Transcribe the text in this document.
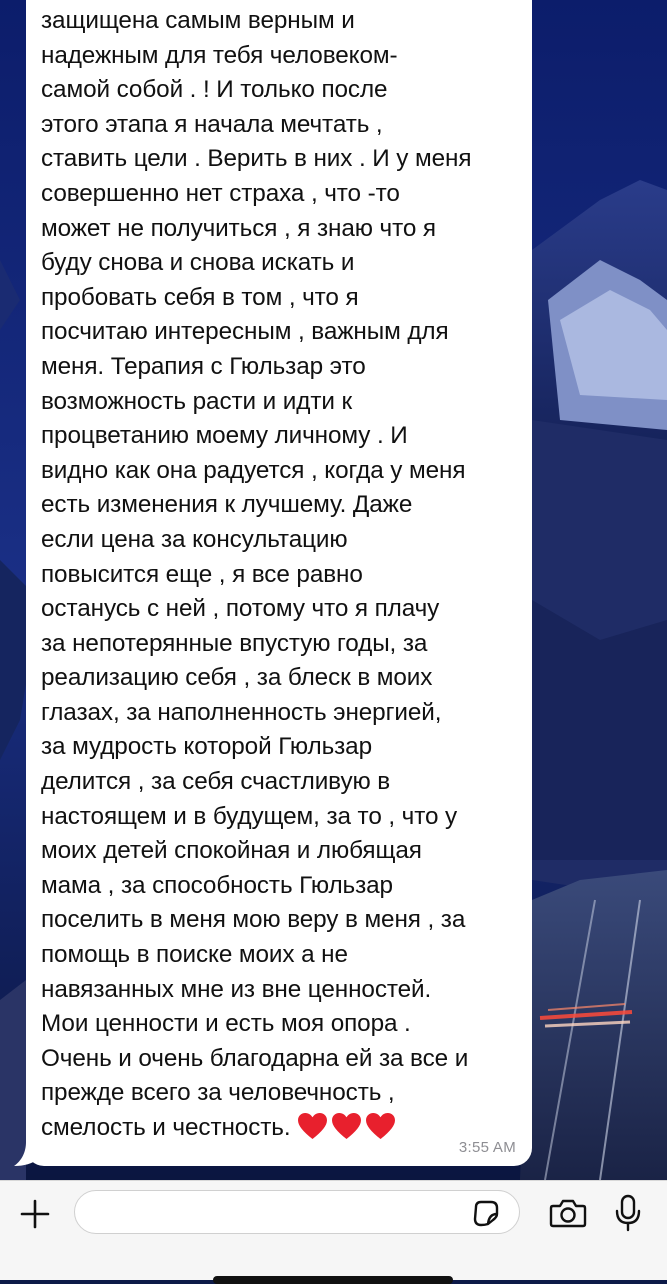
защищена самым верным и
надежным для тебя человеком-
самой собой . ! И только после
этого этапа я начала мечтать ,
ставить цели . Верить в них . И у меня
совершенно нет страха , что -то
может не получиться , я знаю что я
буду снова и снова искать и
пробовать себя в том , что я
посчитаю интересным , важным для
меня. Терапия с Гюльзар это
возможность расти и идти к
процветанию моему личному . И
видно как она радуется , когда у меня
есть изменения к лучшему. Даже
если цена за консультацию
повысится еще , я все равно
останусь с ней , потому что я плачу
за непотерянные впустую годы, за
реализацию себя , за блеск в моих
глазах, за наполненность энергией,
за мудрость которой Гюльзар
делится , за себя счастливую в
настоящем и в будущем, за то , что у
моих детей спокойная и любящая
мама , за способность Гюльзар
поселить в меня мою веру в меня , за
помощь в поиске моих а не
навязанных мне из вне ценностей.
Мои ценности и есть моя опора .
Очень и очень благодарна ей за все и
прежде всего за человечность ,
смелость и честность.

3:55 AM
